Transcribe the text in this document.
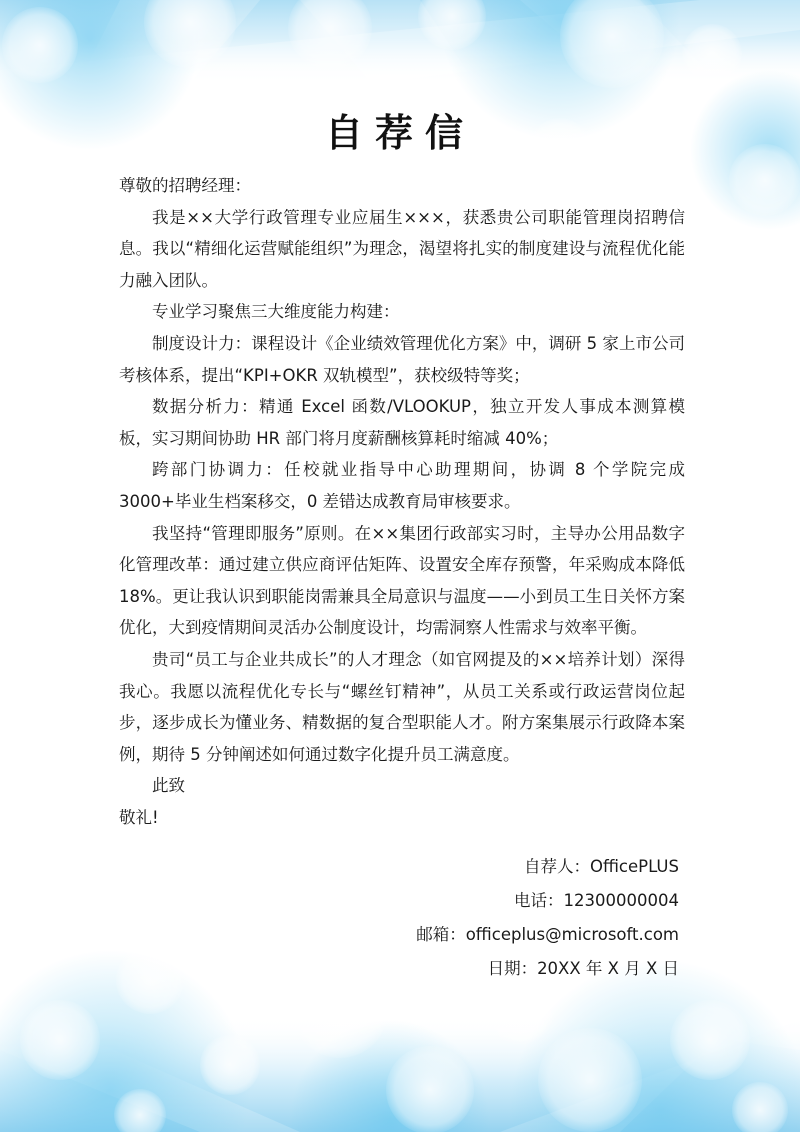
自荐信

尊敬的招聘经理：

我是××大学行政管理专业应届生×××，获悉贵公司职能管理岗招聘信息。我以“精细化运营赋能组织”为理念，渴望将扎实的制度建设与流程优化能力融入团队。

专业学习聚焦三大维度能力构建：

制度设计力：课程设计《企业绩效管理优化方案》中，调研 5 家上市公司考核体系，提出“KPI+OKR 双轨模型”，获校级特等奖；

数据分析力：精通 Excel 函数/VLOOKUP，独立开发人事成本测算模板，实习期间协助 HR 部门将月度薪酬核算耗时缩减 40%；

跨部门协调力：任校就业指导中心助理期间，协调 8 个学院完成 3000+毕业生档案移交，0 差错达成教育局审核要求。

我坚持“管理即服务”原则。在××集团行政部实习时，主导办公用品数字化管理改革：通过建立供应商评估矩阵、设置安全库存预警，年采购成本降低 18%。更让我认识到职能岗需兼具全局意识与温度——小到员工生日关怀方案优化，大到疫情期间灵活办公制度设计，均需洞察人性需求与效率平衡。

贵司“员工与企业共成长”的人才理念（如官网提及的××培养计划）深得我心。我愿以流程优化专长与“螺丝钉精神”，从员工关系或行政运营岗位起步，逐步成长为懂业务、精数据的复合型职能人才。附方案集展示行政降本案例，期待 5 分钟阐述如何通过数字化提升员工满意度。

此致

敬礼!

自荐人：OfficePLUS
电话：12300000004
邮箱：officeplus@microsoft.com
日期：20XX 年 X 月 X 日
